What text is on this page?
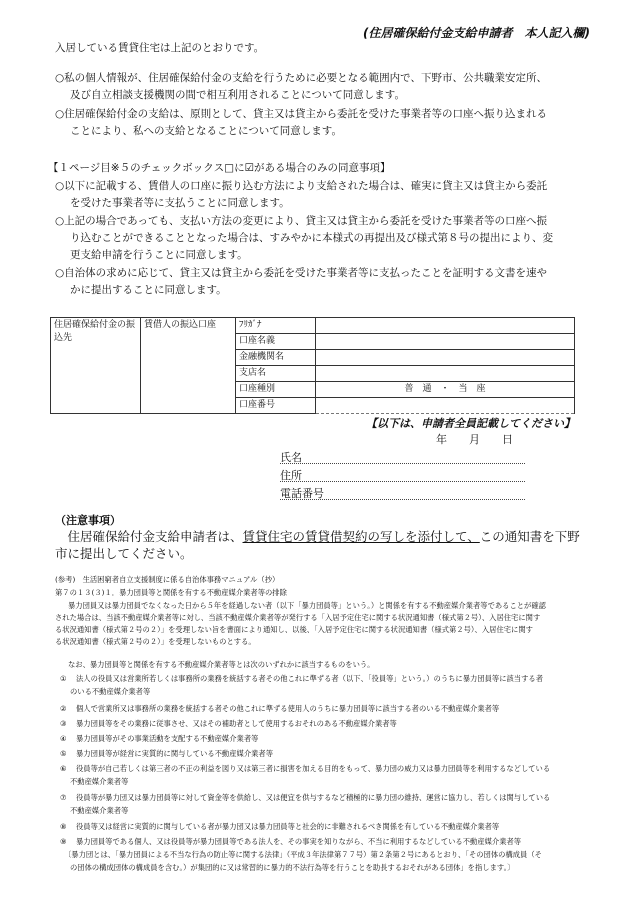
(住居確保給付金支給申請者　本人記入欄)
入居している賃貸住宅は上記のとおりです。
○私の個人情報が、住居確保給付金の支給を行うために必要となる範囲内で、下野市、公共職業安定所、
及び自立相談支援機関の間で相互利用されることについて同意します。
○住居確保給付金の支給は、原則として、貸主又は貸主から委託を受けた事業者等の口座へ振り込まれる
ことにより、私への支給となることについて同意します。
【１ページ目※５のチェックボックス□に☑がある場合のみの同意事項】
○以下に記載する、賃借人の口座に振り込む方法により支給された場合は、確実に貸主又は貸主から委託
を受けた事業者等に支払うことに同意します。
○上記の場合であっても、支払い方法の変更により、貸主又は貸主から委託を受けた事業者等の口座へ振
り込むことができることとなった場合は、すみやかに本様式の再提出及び様式第８号の提出により、変
更支給申請を行うことに同意します。
○自治体の求めに応じて、貸主又は貸主から委託を受けた事業者等に支払ったことを証明する文書を速や
かに提出することに同意します。
住居確保給付金の振込先	賃借人の振込口座	ﾌﾘｶﾞﾅ	
		口座名義	
		金融機関名	
		支店名	
		口座種別	普　通　・　当　座
		口座番号	
【以下は、申請者全員記載してください】
年　　月　　日
氏名
住所
電話番号
（注意事項）
　住居確保給付金支給申請者は、賃貸住宅の賃貸借契約の写しを添付して、この通知書を下野市に提出してください。
(参考)　生活困窮者自立支援制度に係る自治体事務マニュアル（抄）
第７の１３(３)１．暴力団員等と関係を有する不動産媒介業者等の排除
暴力団員又は暴力団員でなくなった日から５年を経過しない者（以下「暴力団員等」という。）と関係を有する不動産媒介業者等であることが確認
された場合は、当該不動産媒介業者等に対し、当該不動産媒介業者等が発行する「入居予定住宅に関する状況通知書（様式第２号）、入居住宅に関す
る状況通知書（様式第２号の２）」を受理しない旨を書面により通知し、以後、「入居予定住宅に関する状況通知書（様式第２号）、入居住宅に関す
る状況通知書（様式第２号の２）」を受理しないものとする。
なお、暴力団員等と関係を有する不動産媒介業者等とは次のいずれかに該当するものをいう。
① 法人の役員又は営業所若しくは事務所の業務を統括する者その他これに準ずる者（以下、「役員等」という。）のうちに暴力団員等に該当する者
のいる不動産媒介業者等
② 個人で営業所又は事務所の業務を統括する者その他これに準ずる使用人のうちに暴力団員等に該当する者のいる不動産媒介業者等
③ 暴力団員等をその業務に従事させ、又はその補助者として使用するおそれのある不動産媒介業者等
④ 暴力団員等がその事業活動を支配する不動産媒介業者等
⑤ 暴力団員等が経営に実質的に関与している不動産媒介業者等
⑥ 役員等が自己若しくは第三者の不正の利益を図り又は第三者に損害を加える目的をもって、暴力団の威力又は暴力団員等を利用するなどしている
不動産媒介業者等
⑦ 役員等が暴力団又は暴力団員等に対して資金等を供給し、又は便宜を供与するなど積極的に暴力団の維持、運営に協力し、若しくは関与している
不動産媒介業者等
⑧ 役員等又は経営に実質的に関与している者が暴力団又は暴力団員等と社会的に非難されるべき関係を有している不動産媒介業者等
⑨ 暴力団員等である個人、又は役員等が暴力団員等である法人を、その事実を知りながら、不当に利用するなどしている不動産媒介業者等
〔暴力団とは、「暴力団員による不当な行為の防止等に関する法律」（平成３年法律第７７号）第２条第２号にあるとおり、「その団体の構成員（そ
の団体の構成団体の構成員を含む。）が集団的に又は常習的に暴力的不法行為等を行うことを助長するおそれがある団体」を指します。〕
